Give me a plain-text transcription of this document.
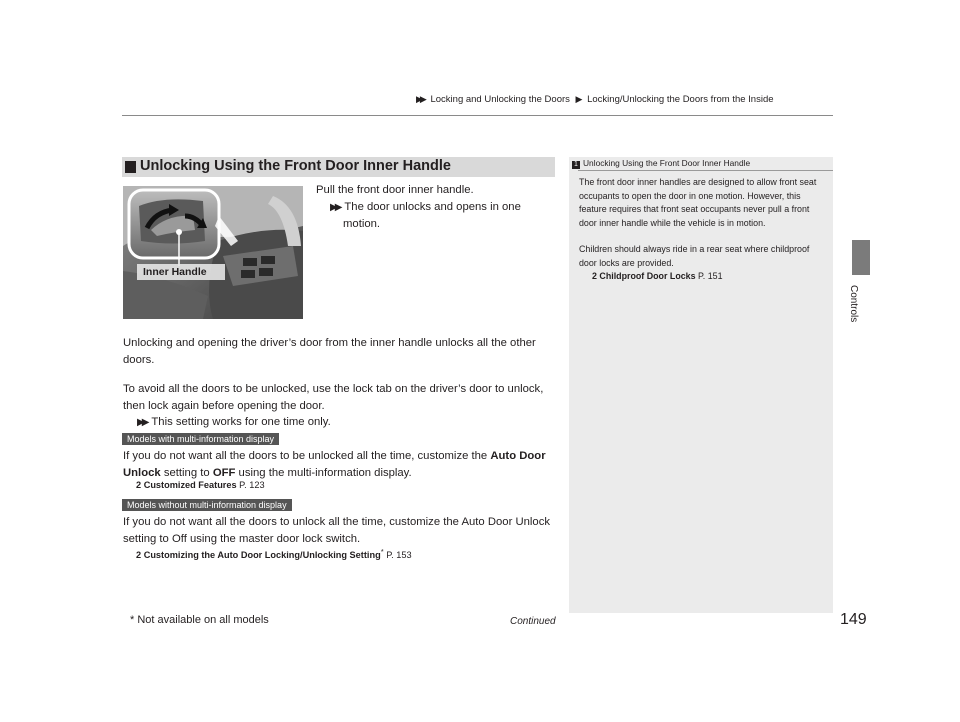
▶▶ Locking and Unlocking the Doors ▶ Locking/Unlocking the Doors from the Inside
Controls
Unlocking Using the Front Door Inner Handle
Inner Handle
Pull the front door inner handle.
▶▶ The door unlocks and opens in one
motion.
Unlocking and opening the driver’s door from the inner handle unlocks all the other doors.
To avoid all the doors to be unlocked, use the lock tab on the driver’s door to unlock, then lock again before opening the door.
▶▶ This setting works for one time only.
Models with multi-information display
If you do not want all the doors to be unlocked all the time, customize the Auto Door Unlock setting to OFF using the multi-information display.
2 Customized Features P. 123
Models without multi-information display
If you do not want all the doors to unlock all the time, customize the Auto Door Unlock setting to Off using the master door lock switch.
2 Customizing the Auto Door Locking/Unlocking Setting* P. 153
1 Unlocking Using the Front Door Inner Handle
The front door inner handles are designed to allow front seat occupants to open the door in one motion. However, this feature requires that front seat occupants never pull a front door inner handle while the vehicle is in motion.
Children should always ride in a rear seat where childproof door locks are provided.
2 Childproof Door Locks P. 151
Continued	149
* Not available on all models
